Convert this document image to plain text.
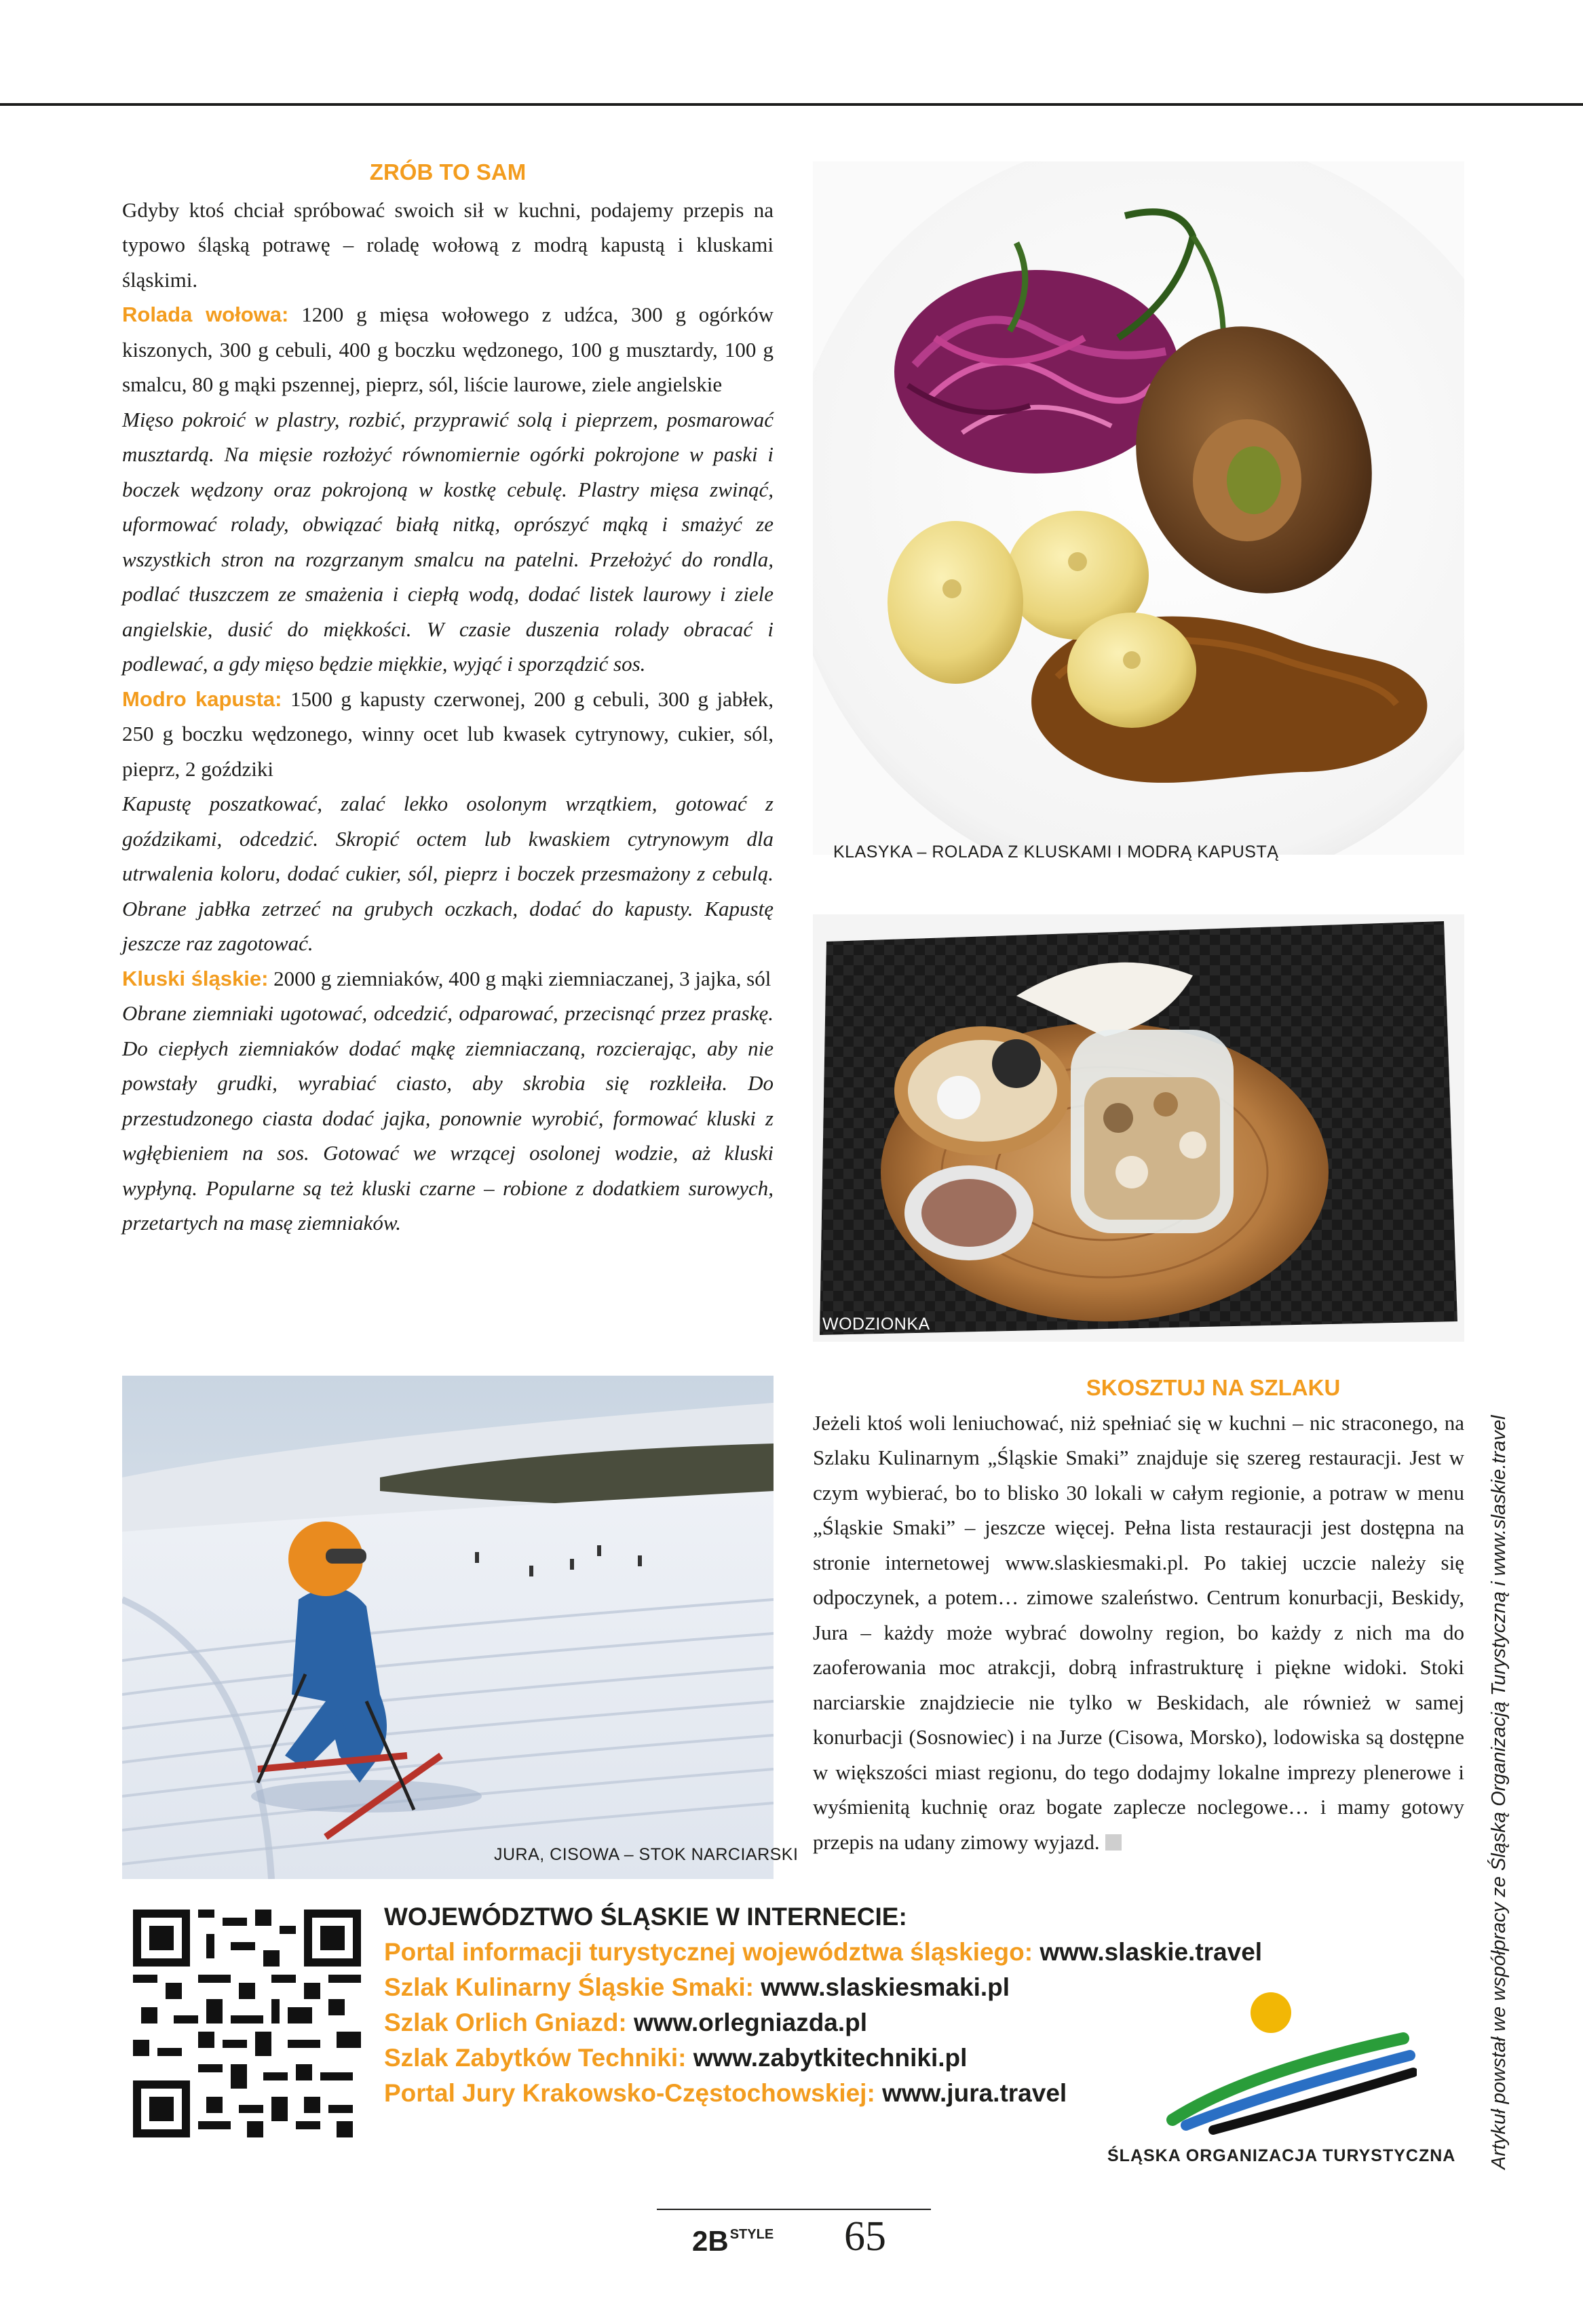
ZRÓB TO SAM

Gdyby ktoś chciał spróbować swoich sił w kuchni, podajemy przepis na typowo śląską potrawę – roladę wołową z modrą kapustą i kluskami śląskimi.

Rolada wołowa: 1200 g mięsa wołowego z udźca, 300 g ogórków kiszonych, 300 g cebuli, 400 g boczku wędzonego, 100 g musztardy, 100 g smalcu, 80 g mąki pszennej, pieprz, sól, liście laurowe, ziele angielskie

Mięso pokroić w plastry, rozbić, przyprawić solą i pieprzem, posmarować musztardą. Na mięsie rozłożyć równomiernie ogórki pokrojone w paski i boczek wędzony oraz pokrojoną w kostkę cebulę. Plastry mięsa zwinąć, uformować rolady, obwiązać białą nitką, oprószyć mąką i smażyć ze wszystkich stron na rozgrzanym smalcu na patelni. Przełożyć do rondla, podlać tłuszczem ze smażenia i ciepłą wodą, dodać listek laurowy i ziele angielskie, dusić do miękkości. W czasie duszenia rolady obracać i podlewać, a gdy mięso będzie miękkie, wyjąć i sporządzić sos.

Modro kapusta: 1500 g kapusty czerwonej, 200 g cebuli, 300 g jabłek, 250 g boczku wędzonego, winny ocet lub kwasek cytrynowy, cukier, sól, pieprz, 2 goździki

Kapustę poszatkować, zalać lekko osolonym wrzątkiem, gotować z goździkami, odcedzić. Skropić octem lub kwaskiem cytrynowym dla utrwalenia koloru, dodać cukier, sól, pieprz i boczek przesmażony z cebulą. Obrane jabłka zetrzeć na grubych oczkach, dodać do kapusty. Kapustę jeszcze raz zagotować.

Kluski śląskie: 2000 g ziemniaków, 400 g mąki ziemniaczanej, 3 jajka, sól

Obrane ziemniaki ugotować, odcedzić, odparować, przecisnąć przez praskę. Do ciepłych ziemniaków dodać mąkę ziemniaczaną, rozcierając, aby nie powstały grudki, wyrabiać ciasto, aby skrobia się rozkleiła. Do przestudzonego ciasta dodać jajka, ponownie wyrobić, formować kluski z wgłębieniem na sos. Gotować we wrzącej osolonej wodzie, aż kluski wypłyną. Popularne są też kluski czarne – robione z dodatkiem surowych, przetartych na masę ziemniaków.

KLASYKA – ROLADA Z KLUSKAMI I MODRĄ KAPUSTĄ
WODZIONKA
JURA, CISOWA – STOK NARCIARSKI

SKOSZTUJ NA SZLAKU

Jeżeli ktoś woli leniuchować, niż spełniać się w kuchni – nic straconego, na Szlaku Kulinarnym „Śląskie Smaki” znajduje się szereg restauracji. Jest w czym wybierać, bo to blisko 30 lokali w całym regionie, a potraw w menu „Śląskie Smaki” – jeszcze więcej. Pełna lista restauracji jest dostępna na stronie internetowej www.slaskiesmaki.pl. Po takiej uczcie należy się odpoczynek, a potem… zimowe szaleństwo. Centrum konurbacji, Beskidy, Jura – każdy może wybrać dowolny region, bo każdy z nich ma do zaoferowania moc atrakcji, dobrą infrastrukturę i piękne widoki. Stoki narciarskie znajdziecie nie tylko w Beskidach, ale również w samej konurbacji (Sosnowiec) i na Jurze (Cisowa, Morsko), lodowiska są dostępne w większości miast regionu, do tego dodajmy lokalne imprezy plenerowe i wyśmienitą kuchnię oraz bogate zaplecze noclegowe… i mamy gotowy przepis na udany zimowy wyjazd.

WOJEWÓDZTWO ŚLĄSKIE W INTERNECIE:
Portal informacji turystycznej województwa śląskiego: www.slaskie.travel
Szlak Kulinarny Śląskie Smaki: www.slaskiesmaki.pl
Szlak Orlich Gniazd: www.orlegniazda.pl
Szlak Zabytków Techniki: www.zabytkitechniki.pl
Portal Jury Krakowsko-Częstochowskiej: www.jura.travel
ŚLĄSKA ORGANIZACJA TURYSTYCZNA Artykuł powstał we współpracy ze Śląską Organizacją Turystyczną i www.slaskie.travel
2B $^{STYLE}$ 65
